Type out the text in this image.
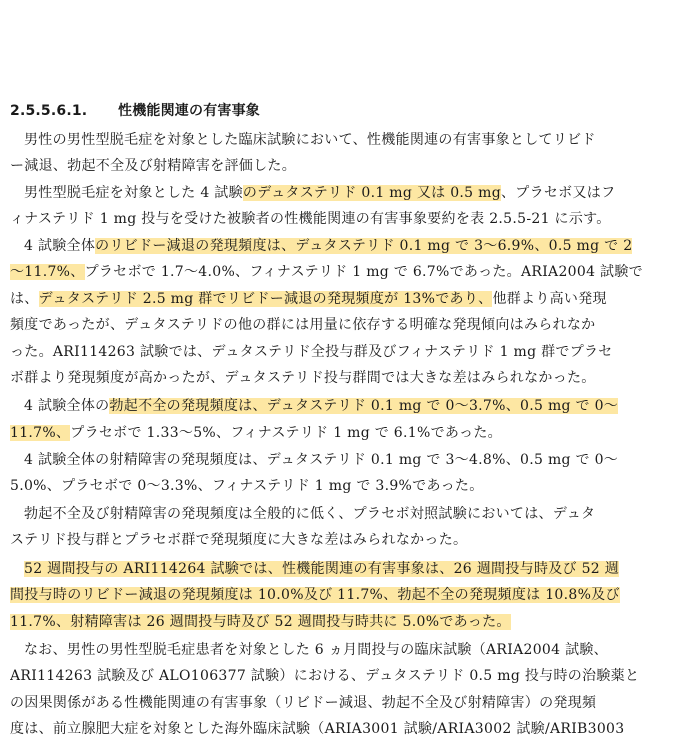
2.5.5.6.1. 性機能関連の有害事象
男性の男性型脱毛症を対象とした臨床試験において、性機能関連の有害事象としてリビド
ー減退、勃起不全及び射精障害を評価した。
男性型脱毛症を対象とした 4 試験のデュタステリド 0.1 mg 又は 0.5 mg、プラセボ又はフ
ィナステリド 1 mg 投与を受けた被験者の性機能関連の有害事象要約を表 2.5.5-21 に示す。
4 試験全体のリビドー減退の発現頻度は、デュタステリド 0.1 mg で 3～6.9%、0.5 mg で 2
～11.7%、プラセボで 1.7～4.0%、フィナステリド 1 mg で 6.7%であった。ARIA2004 試験で
は、デュタステリド 2.5 mg 群でリビドー減退の発現頻度が 13%であり、他群より高い発現
頻度であったが、デュタステリドの他の群には用量に依存する明確な発現傾向はみられなか
った。ARI114263 試験では、デュタステリド全投与群及びフィナステリド 1 mg 群でプラセ
ボ群より発現頻度が高かったが、デュタステリド投与群間では大きな差はみられなかった。
4 試験全体の勃起不全の発現頻度は、デュタステリド 0.1 mg で 0～3.7%、0.5 mg で 0～
11.7%、プラセボで 1.33～5%、フィナステリド 1 mg で 6.1%であった。
4 試験全体の射精障害の発現頻度は、デュタステリド 0.1 mg で 3～4.8%、0.5 mg で 0～
5.0%、プラセボで 0～3.3%、フィナステリド 1 mg で 3.9%であった。
勃起不全及び射精障害の発現頻度は全般的に低く、プラセボ対照試験においては、デュタ
ステリド投与群とプラセボ群で発現頻度に大きな差はみられなかった。
52 週間投与の ARI114264 試験では、性機能関連の有害事象は、26 週間投与時及び 52 週
間投与時のリビドー減退の発現頻度は 10.0%及び 11.7%、勃起不全の発現頻度は 10.8%及び
11.7%、射精障害は 26 週間投与時及び 52 週間投与時共に 5.0%であった。
なお、男性の男性型脱毛症患者を対象とした 6 ヵ月間投与の臨床試験（ARIA2004 試験、
ARI114263 試験及び ALO106377 試験）における、デュタステリド 0.5 mg 投与時の治験薬と
の因果関係がある性機能関連の有害事象（リビドー減退、勃起不全及び射精障害）の発現頻
度は、前立腺肥大症を対象とした海外臨床試験（ARIA3001 試験/ARIA3002 試験/ARIB3003
